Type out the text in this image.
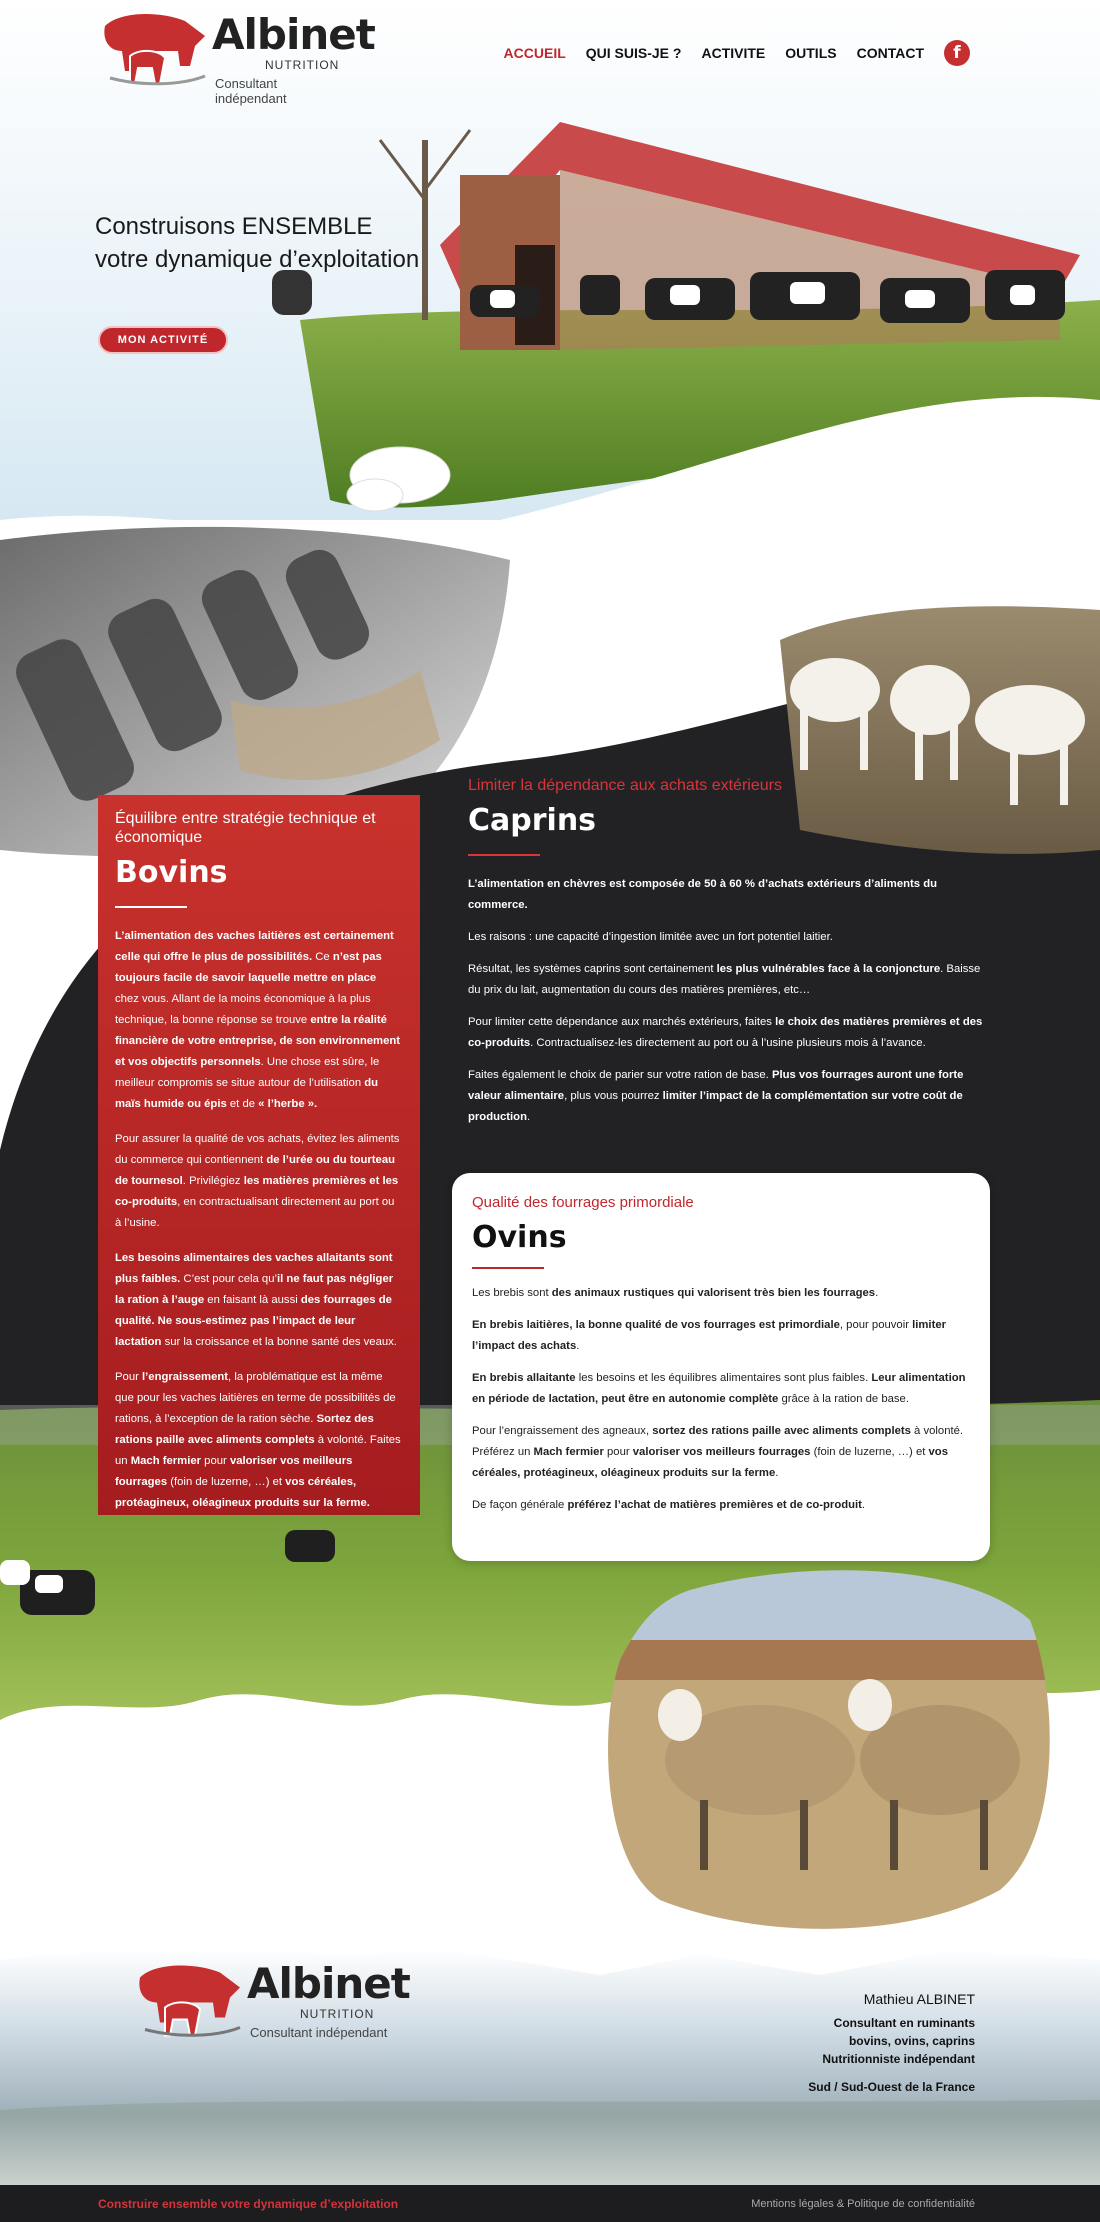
Albinet
NUTRITION
Consultant indépendant
ACCUEIL QUI SUIS-JE ? ACTIVITE OUTILS CONTACT	f
Construisons ENSEMBLE
votre dynamique d’exploitation
MON ACTIVITÉ
Équilibre entre stratégie technique et économique
Bovins

L’alimentation des vaches laitières est certainement celle qui offre le plus de possibilités. Ce n’est pas toujours facile de savoir laquelle mettre en place chez vous. Allant de la moins économique à la plus technique, la bonne réponse se trouve entre la réalité financière de votre entreprise, de son environnement et vos objectifs personnels. Une chose est sûre, le meilleur compromis se situe autour de l’utilisation du maïs humide ou épis et de « l’herbe ».

Pour assurer la qualité de vos achats, évitez les aliments du commerce qui contiennent de l’urée ou du tourteau de tournesol. Privilégiez les matières premières et les co-produits, en contractualisant directement au port ou à l’usine.

Les besoins alimentaires des vaches allaitants sont plus faibles. C’est pour cela qu’il ne faut pas négliger la ration à l’auge en faisant là aussi des fourrages de qualité. Ne sous-estimez pas l’impact de leur lactation sur la croissance et la bonne santé des veaux.

Pour l’engraissement, la problématique est la même que pour les vaches laitières en terme de possibilités de rations, à l’exception de la ration sèche. Sortez des rations paille avec aliments complets à volonté. Faites un Mach fermier pour valoriser vos meilleurs fourrages (foin de luzerne, …) et vos céréales, protéagineux, oléagineux produits sur la ferme.

Limiter la dépendance aux achats extérieurs
Caprins

L’alimentation en chèvres est composée de 50 à 60 % d’achats extérieurs d’aliments du commerce.

Les raisons : une capacité d’ingestion limitée avec un fort potentiel laitier.

Résultat, les systèmes caprins sont certainement les plus vulnérables face à la conjoncture. Baisse du prix du lait, augmentation du cours des matières premières, etc…

Pour limiter cette dépendance aux marchés extérieurs, faites le choix des matières premières et des co-produits. Contractualisez-les directement au port ou à l’usine plusieurs mois à l’avance.

Faites également le choix de parier sur votre ration de base. Plus vos fourrages auront une forte valeur alimentaire, plus vous pourrez limiter l’impact de la complémentation sur votre coût de production.

Qualité des fourrages primordiale
Ovins

Les brebis sont des animaux rustiques qui valorisent très bien les fourrages.

En brebis laitières, la bonne qualité de vos fourrages est primordiale, pour pouvoir limiter l’impact des achats.

En brebis allaitante les besoins et les équilibres alimentaires sont plus faibles. Leur alimentation en période de lactation, peut être en autonomie complète grâce à la ration de base.

Pour l’engraissement des agneaux, sortez des rations paille avec aliments complets à volonté. Préférez un Mach fermier pour valoriser vos meilleurs fourrages (foin de luzerne, …) et vos céréales, protéagineux, oléagineux produits sur la ferme.

De façon générale préférez l’achat de matières premières et de co-produit.

Albinet
NUTRITION
Consultant indépendant
Mathieu ALBINET
Consultant en ruminants
bovins, ovins, caprins
Nutritionniste indépendant
Sud / Sud-Ouest de la France
Construire ensemble votre dynamique d’exploitation	Mentions légales & Politique de confidentialité
